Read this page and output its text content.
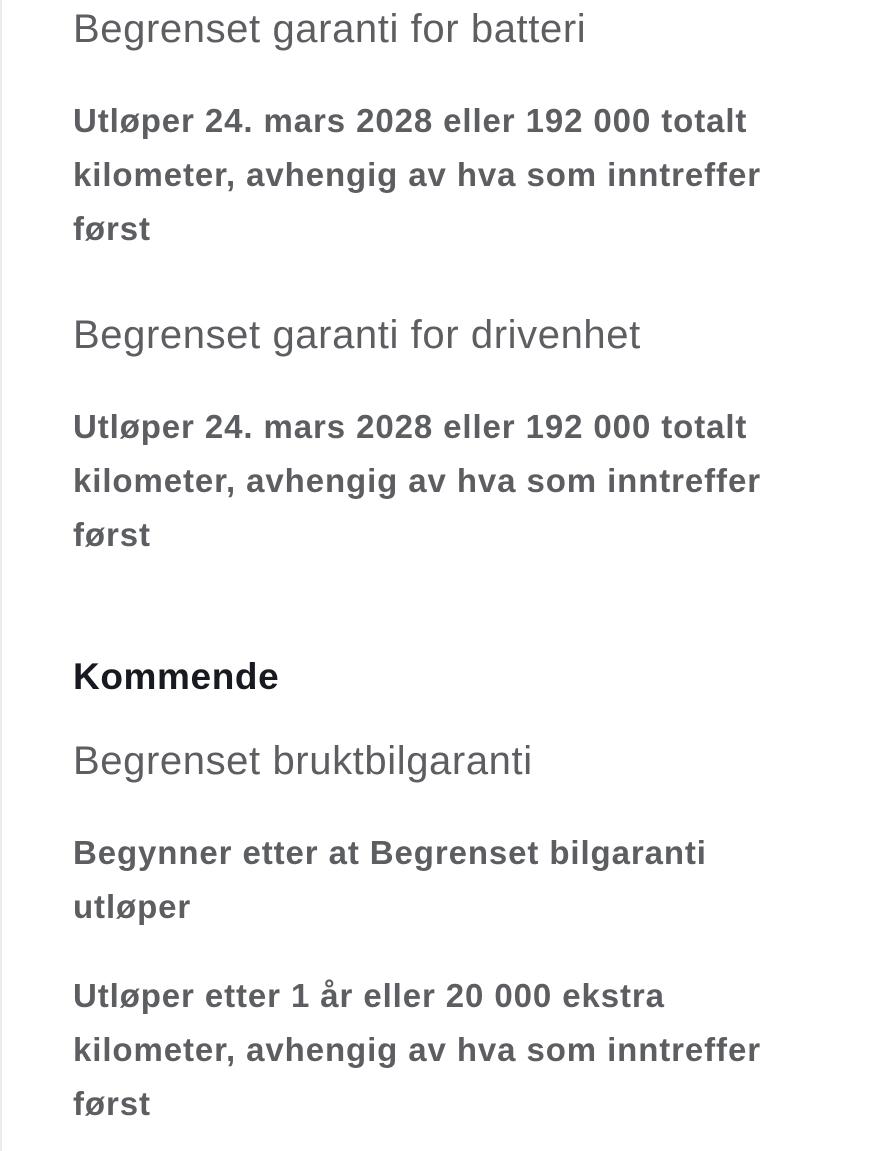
Begrenset garanti for batteri
Utløper 24. mars 2028 eller 192 000 totalt kilometer, avhengig av hva som inntreffer først
Begrenset garanti for drivenhet
Utløper 24. mars 2028 eller 192 000 totalt kilometer, avhengig av hva som inntreffer først
Kommende
Begrenset bruktbilgaranti
Begynner etter at Begrenset bilgaranti utløper
Utløper etter 1 år eller 20 000 ekstra kilometer, avhengig av hva som inntreffer først
